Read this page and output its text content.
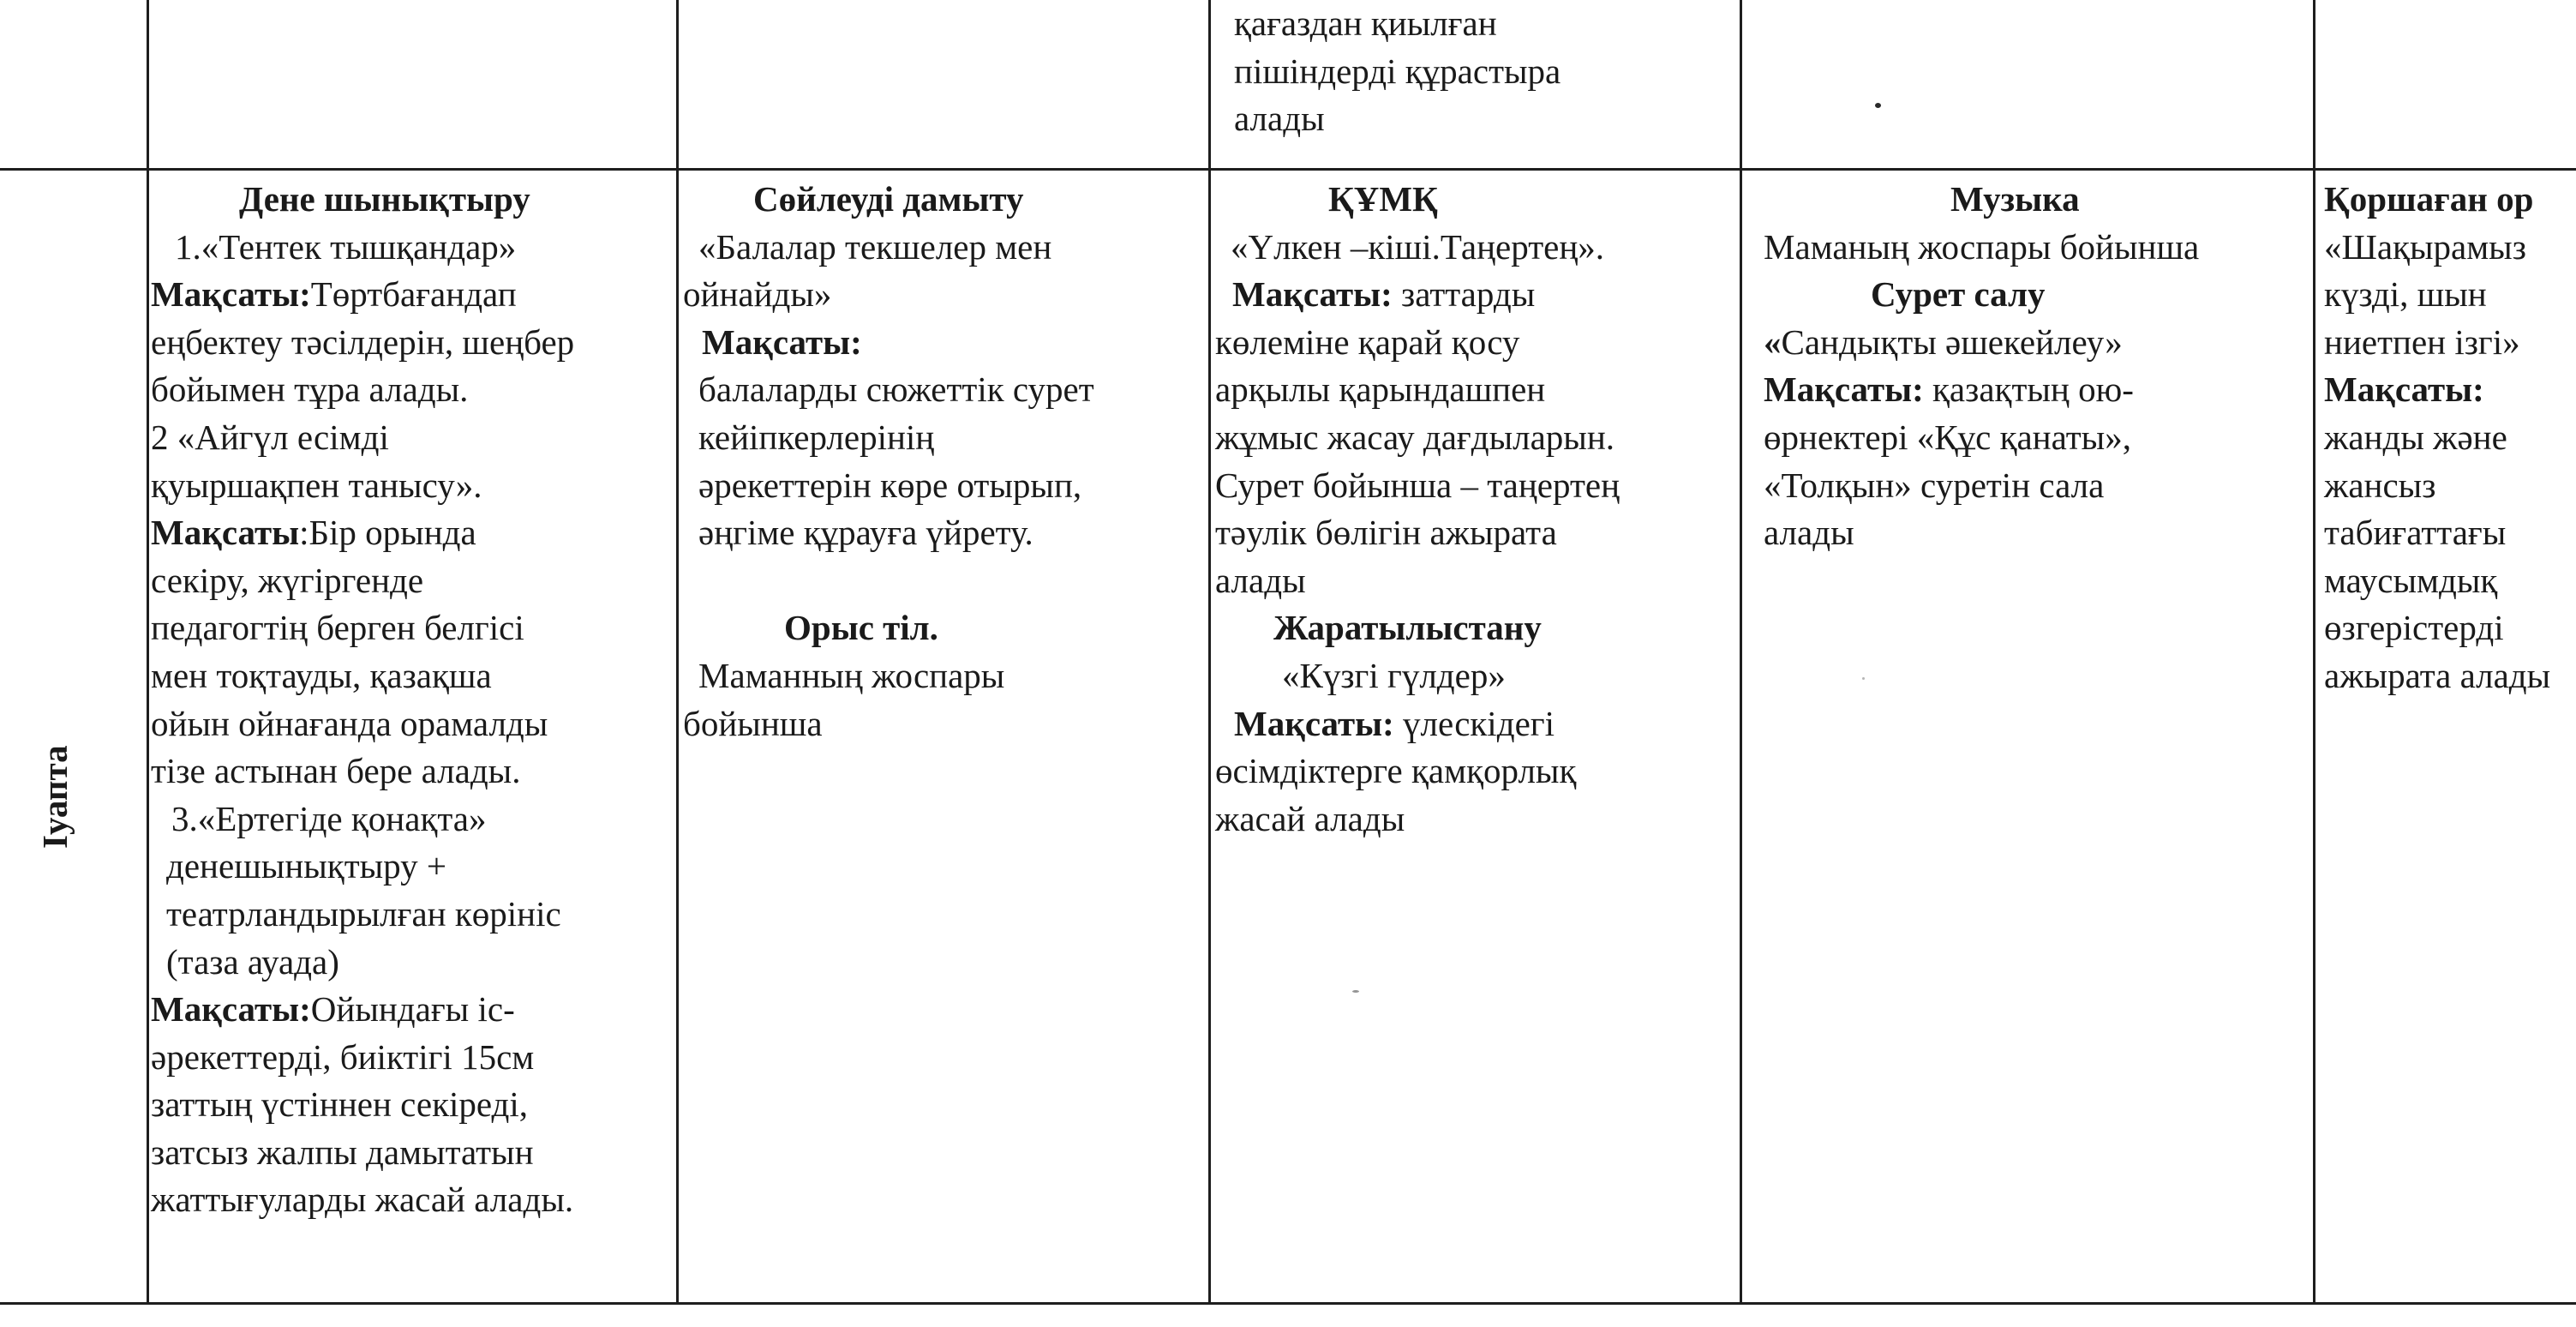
қағаздан қиылған
пішіндерді құрастыра
алады
Iуапта
Дене шынықтыру
1.«Тентек тышқандар»
Мақсаты:Төртбағандап
еңбектеу тәсілдерін, шеңбер
бойымен тұра алады.
2 «Айгүл есімді
қуыршақпен танысу».
Мақсаты:Бір орында
секіру, жүгіргенде
педагогтің берген белгісі
мен тоқтауды, қазақша
ойын ойнағанда орамалды
тізе астынан бере алады.
3.«Ертегіде қонақта»
денешынықтыру +
театрландырылған көрініс
(таза ауада)
Мақсаты:Ойындағы іс-
әрекеттерді, биіктігі 15см
заттың үстіннен секіреді,
затсыз жалпы дамытатын
жаттығуларды жасай алады.
Сөйлеуді дамыту
«Балалар текшелер мен
ойнайды»
Мақсаты:
балаларды сюжеттік сурет
кейіпкерлерінің
әрекеттерін көре отырып,
әңгіме құрауға үйрету.
Орыс тіл.
Маманның жоспары
бойынша
ҚҰМҚ
«Үлкен –кіші.Таңертең».
Мақсаты: заттарды
көлеміне қарай қосу
арқылы қарындашпен
жұмыс жасау дағдыларын.
Сурет бойынша – таңертең
тәулік бөлігін ажырата
алады
Жаратылыстану
«Күзгі гүлдер»
Мақсаты: үлескідегі
өсімдіктерге қамқорлық
жасай алады
Музыка
Маманың жоспары бойынша
Сурет салу
«Сандықты әшекейлеу»
Мақсаты: қазақтың ою-
өрнектері «Құс қанаты»,
«Толқын» суретін сала
алады
Қоршаған ор
«Шақырамыз
күзді, шын
ниетпен ізгі»
Мақсаты:
жанды және
жансыз
табиғаттағы
маусымдық
өзгерістерді
ажырата алады
